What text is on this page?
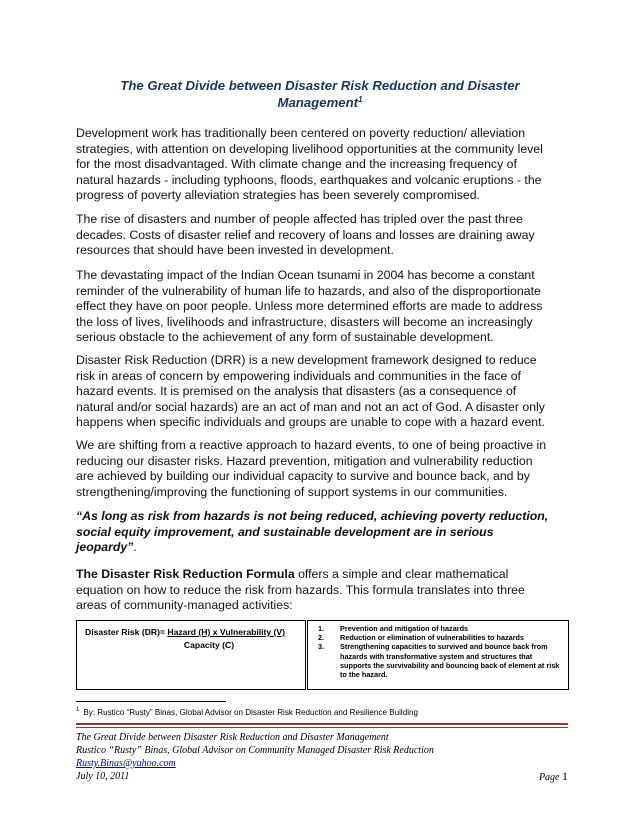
The Great Divide between Disaster Risk Reduction and Disaster Management$^1$

Development work has traditionally been centered on poverty reduction/ alleviation
strategies, with attention on developing livelihood opportunities at the community level
for the most disadvantaged. With climate change and the increasing frequency of
natural hazards - including typhoons, floods, earthquakes and volcanic eruptions - the
progress of poverty alleviation strategies has been severely compromised.

The rise of disasters and number of people affected has tripled over the past three
decades. Costs of disaster relief and recovery of loans and losses are draining away
resources that should have been invested in development.

The devastating impact of the Indian Ocean tsunami in 2004 has become a constant
reminder of the vulnerability of human life to hazards, and also of the disproportionate
effect they have on poor people. Unless more determined efforts are made to address
the loss of lives, livelihoods and infrastructure, disasters will become an increasingly
serious obstacle to the achievement of any form of sustainable development.

Disaster Risk Reduction (DRR) is a new development framework designed to reduce
risk in areas of concern by empowering individuals and communities in the face of
hazard events. It is premised on the analysis that disasters (as a consequence of
natural and/or social hazards) are an act of man and not an act of God. A disaster only
happens when specific individuals and groups are unable to cope with a hazard event.

We are shifting from a reactive approach to hazard events, to one of being proactive in
reducing our disaster risks. Hazard prevention, mitigation and vulnerability reduction
are achieved by building our individual capacity to survive and bounce back, and by
strengthening/improving the functioning of support systems in our communities.

“As long as risk from hazards is not being reduced, achieving poverty reduction,
social equity improvement, and sustainable development are in serious
jeopardy”.

The Disaster Risk Reduction Formula offers a simple and clear mathematical
equation on how to reduce the risk from hazards. This formula translates into three
areas of community-managed activities:

Disaster Risk (DR)= Hazard (H) x Vulnerability (V)
Capacity (C)
1.	Prevention and mitigation of hazards
2.	Reduction or elimination of vulnerabilities to hazards
3.	Strengthening capacities to survived and bounce back from hazards with transformative system and structures that supports the survivability and bouncing back of element at risk to the hazard.
$^1$ By: Rustico “Rusty” Binas, Global Advisor on Disaster Risk Reduction and Resilience Building
The Great Divide between Disaster Risk Reduction and Disaster Management
Rustico “Rusty” Binas, Global Advisor on Community Managed Disaster Risk Reduction
Rusty.Binas@yahoo.com
July 10, 2011	Page 1
